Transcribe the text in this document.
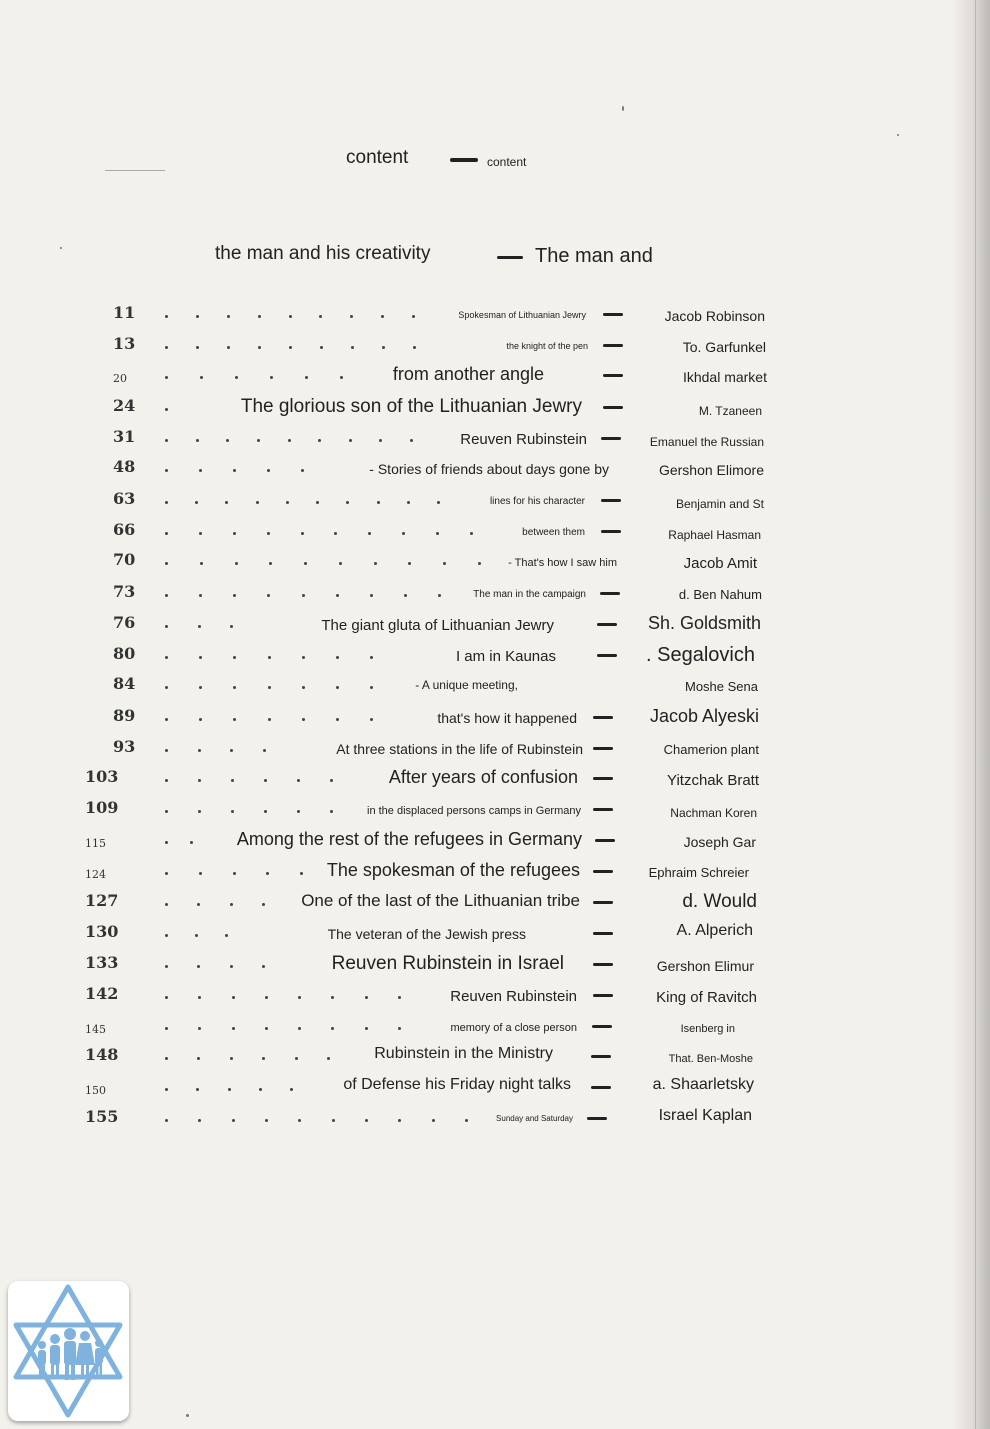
content	content
the man and his creativity	The man and
11	Spokesman of Lithuanian Jewry	Jacob Robinson
13	the knight of the pen	To. Garfunkel
20	from another angle	Ikhdal market
24	The glorious son of the Lithuanian Jewry	M. Tzaneen
31	Reuven Rubinstein	Emanuel the Russian
48	- Stories of friends about days gone by	Gershon Elimore
63	lines for his character	Benjamin and St
66	between them	Raphael Hasman
70	- That's how I saw him	Jacob Amit
73	The man in the campaign	d. Ben Nahum
76	The giant gluta of Lithuanian Jewry	Sh. Goldsmith
80	I am in Kaunas	. Segalovich
84	- A unique meeting,	Moshe Sena
89	that's how it happened	Jacob Alyeski
93	At three stations in the life of Rubinstein	Chamerion plant
103	After years of confusion	Yitzchak Bratt
109	in the displaced persons camps in Germany	Nachman Koren
115	Among the rest of the refugees in Germany	Joseph Gar
124	The spokesman of the refugees	Ephraim Schreier
127	One of the last of the Lithuanian tribe	d. Would
130	The veteran of the Jewish press	A. Alperich
133	Reuven Rubinstein in Israel	Gershon Elimur
142	Reuven Rubinstein	King of Ravitch
145	memory of a close person	Isenberg in
148	Rubinstein in the Ministry	That. Ben-Moshe
150	of Defense his Friday night talks	a. Shaarletsky
155	Sunday and Saturday	Israel Kaplan
